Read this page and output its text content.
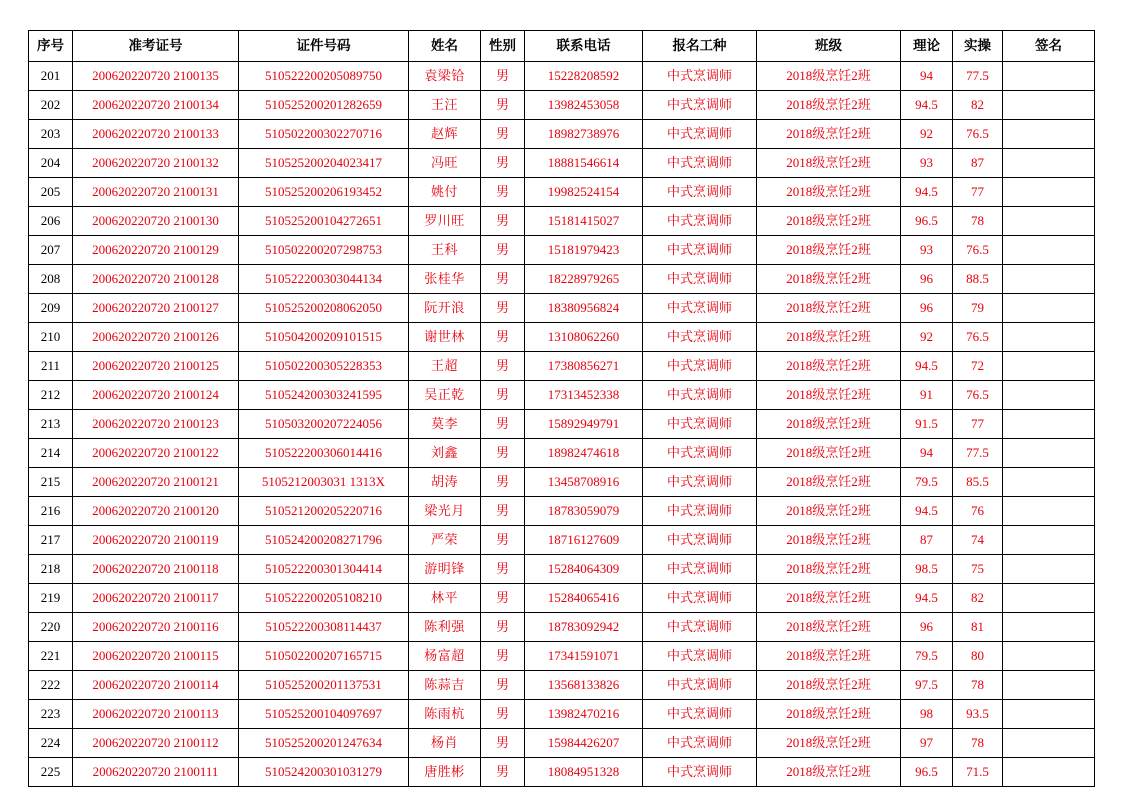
序号	准考证号	证件号码	姓名	性别	联系电话	报名工种	班级	理论	实操	签名
201	200620220720 2100135	510522200205089750	袁梁铪	男	15228208592	中式烹调师	2018级烹饪2班	94	77.5	
202	200620220720 2100134	510525200201282659	王汪	男	13982453058	中式烹调师	2018级烹饪2班	94.5	82	
203	200620220720 2100133	510502200302270716	赵辉	男	18982738976	中式烹调师	2018级烹饪2班	92	76.5	
204	200620220720 2100132	510525200204023417	冯旺	男	18881546614	中式烹调师	2018级烹饪2班	93	87	
205	200620220720 2100131	510525200206193452	姚付	男	19982524154	中式烹调师	2018级烹饪2班	94.5	77	
206	200620220720 2100130	510525200104272651	罗川旺	男	15181415027	中式烹调师	2018级烹饪2班	96.5	78	
207	200620220720 2100129	510502200207298753	王科	男	15181979423	中式烹调师	2018级烹饪2班	93	76.5	
208	200620220720 2100128	510522200303044134	张桂华	男	18228979265	中式烹调师	2018级烹饪2班	96	88.5	
209	200620220720 2100127	510525200208062050	阮开浪	男	18380956824	中式烹调师	2018级烹饪2班	96	79	
210	200620220720 2100126	510504200209101515	谢世林	男	13108062260	中式烹调师	2018级烹饪2班	92	76.5	
211	200620220720 2100125	510502200305228353	王超	男	17380856271	中式烹调师	2018级烹饪2班	94.5	72	
212	200620220720 2100124	510524200303241595	吴正乾	男	17313452338	中式烹调师	2018级烹饪2班	91	76.5	
213	200620220720 2100123	510503200207224056	莫李	男	15892949791	中式烹调师	2018级烹饪2班	91.5	77	
214	200620220720 2100122	510522200306014416	刘鑫	男	18982474618	中式烹调师	2018级烹饪2班	94	77.5	
215	200620220720 2100121	5105212003031 1313X	胡涛	男	13458708916	中式烹调师	2018级烹饪2班	79.5	85.5	
216	200620220720 2100120	510521200205220716	梁光月	男	18783059079	中式烹调师	2018级烹饪2班	94.5	76	
217	200620220720 2100119	510524200208271796	严荣	男	18716127609	中式烹调师	2018级烹饪2班	87	74	
218	200620220720 2100118	510522200301304414	游明锋	男	15284064309	中式烹调师	2018级烹饪2班	98.5	75	
219	200620220720 2100117	510522200205108210	林平	男	15284065416	中式烹调师	2018级烹饪2班	94.5	82	
220	200620220720 2100116	510522200308114437	陈利强	男	18783092942	中式烹调师	2018级烹饪2班	96	81	
221	200620220720 2100115	510502200207165715	杨富超	男	17341591071	中式烹调师	2018级烹饪2班	79.5	80	
222	200620220720 2100114	510525200201137531	陈蒜吉	男	13568133826	中式烹调师	2018级烹饪2班	97.5	78	
223	200620220720 2100113	510525200104097697	陈雨杭	男	13982470216	中式烹调师	2018级烹饪2班	98	93.5	
224	200620220720 2100112	510525200201247634	杨肖	男	15984426207	中式烹调师	2018级烹饪2班	97	78	
225	200620220720 2100111	510524200301031279	唐胜彬	男	18084951328	中式烹调师	2018级烹饪2班	96.5	71.5	
